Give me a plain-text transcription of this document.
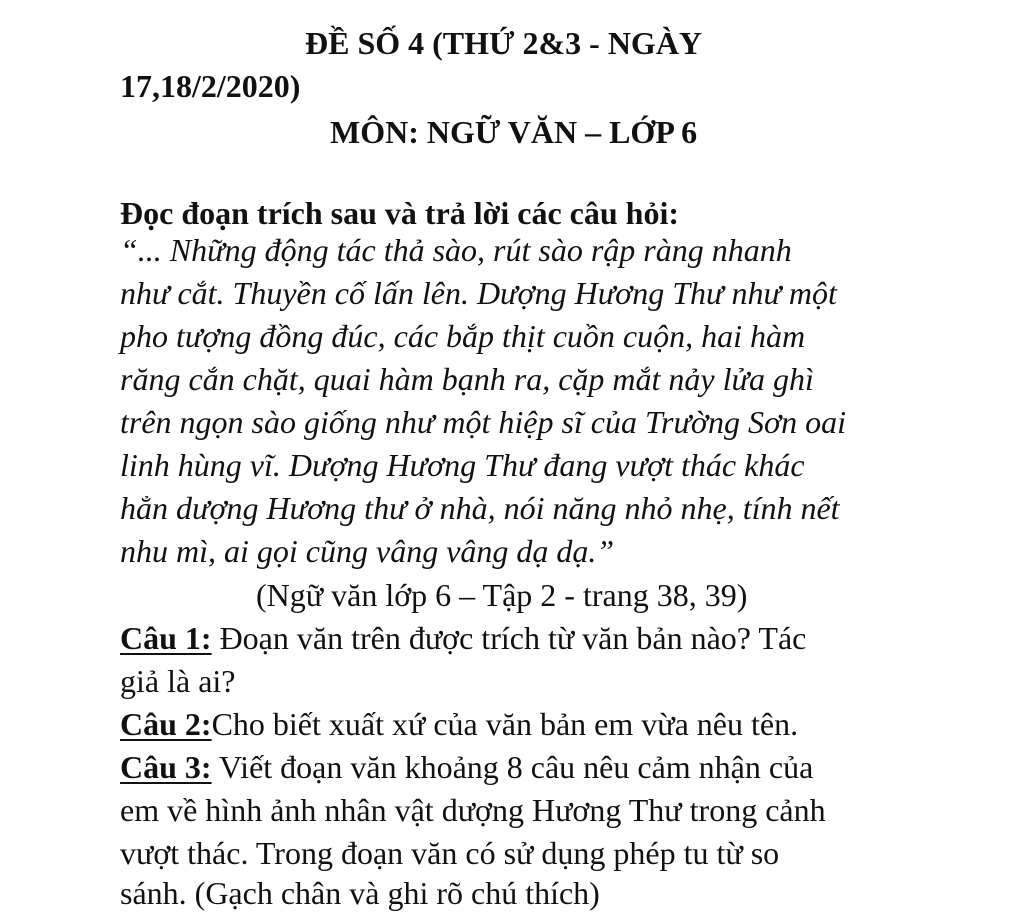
ĐỀ SỐ 4 (THỨ 2&3 - NGÀY
17,18/2/2020)
MÔN: NGỮ VĂN – LỚP 6
Đọc đoạn trích sau và trả lời các câu hỏi:
“... Những động tác thả sào, rút sào rập ràng nhanh
như cắt. Thuyền cố lấn lên. Dượng Hương Thư như một
pho tượng đồng đúc, các bắp thịt cuồn cuộn, hai hàm
răng cắn chặt, quai hàm bạnh ra, cặp mắt nảy lửa ghì
trên ngọn sào giống như một hiệp sĩ của Trường Sơn oai
linh hùng vĩ. Dượng Hương Thư đang vượt thác khác
hẳn dượng Hương thư ở nhà, nói năng nhỏ nhẹ, tính nết
nhu mì, ai gọi cũng vâng vâng dạ dạ.”
(Ngữ văn lớp 6 – Tập 2 - trang 38, 39)
Câu 1: Đoạn văn trên được trích từ văn bản nào? Tác
giả là ai?
Câu 2:Cho biết xuất xứ của văn bản em vừa nêu tên.
Câu 3: Viết đoạn văn khoảng 8 câu nêu cảm nhận của
em về hình ảnh nhân vật dượng Hương Thư trong cảnh
vượt thác. Trong đoạn văn có sử dụng phép tu từ so
sánh. (Gạch chân và ghi rõ chú thích)
